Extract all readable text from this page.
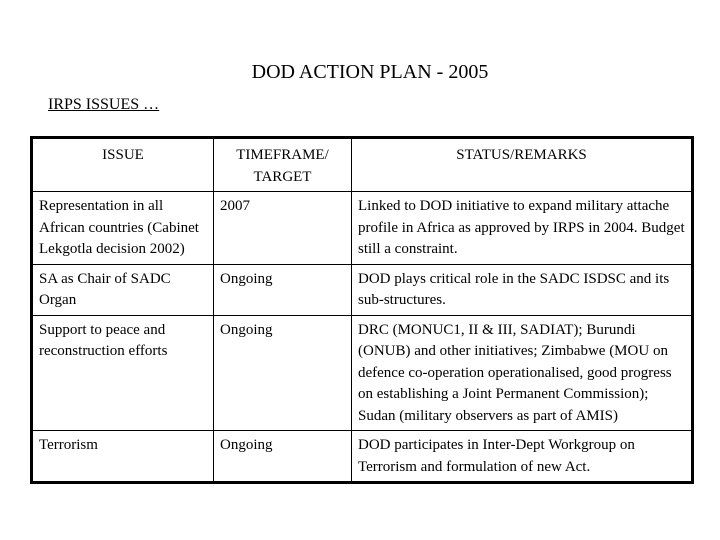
DOD ACTION PLAN - 2005
IRPS ISSUES …
ISSUE	TIMEFRAME/ TARGET	STATUS/REMARKS
Representation in all African countries (Cabinet Lekgotla decision 2002)	2007	Linked to DOD initiative to expand military attache profile in Africa as approved by IRPS in 2004. Budget still a constraint.
SA as Chair of SADC Organ	Ongoing	DOD plays critical role in the SADC ISDSC and its sub-structures.
Support to peace and reconstruction efforts	Ongoing	DRC (MONUC1, II & III, SADIAT); Burundi (ONUB) and other initiatives; Zimbabwe (MOU on defence co-operation operationalised, good progress on establishing a Joint Permanent Commission); Sudan (military observers as part of AMIS)
Terrorism	Ongoing	DOD participates in Inter-Dept Workgroup on Terrorism and formulation of new Act.
